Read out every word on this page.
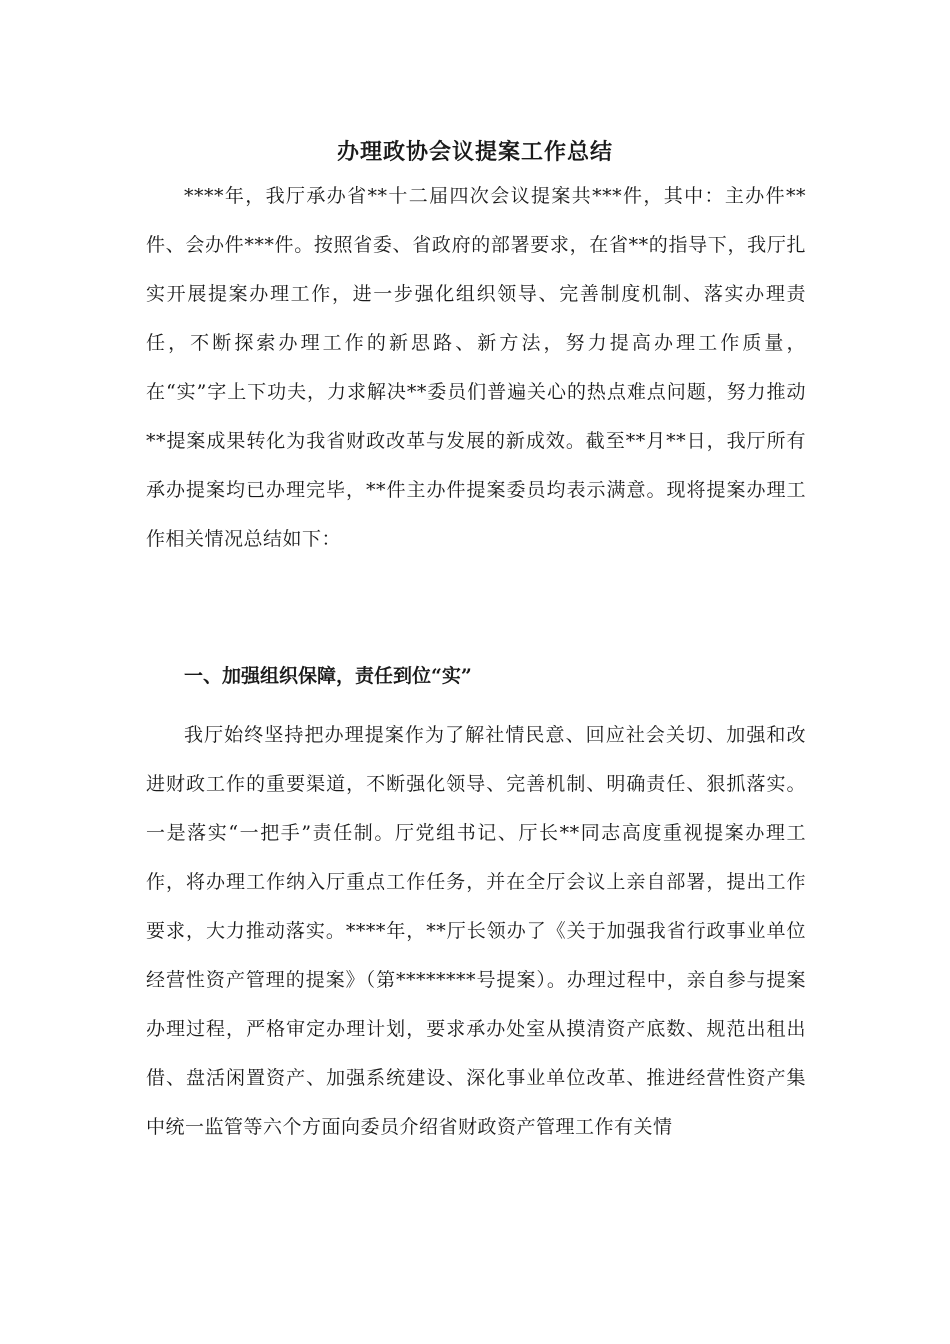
办理政协会议提案工作总结
****年，我厅承办省**十二届四次会议提案共***件，其中：主办件**件、会办件***件。按照省委、省政府的部署要求，在省**的指导下，我厅扎实开展提案办理工作，进一步强化组织领导、完善制度机制、落实办理责任，不断探索办理工作的新思路、新方法，努力提高办理工作质量，在“实”字上下功夫，力求解决**委员们普遍关心的热点难点问题，努力推动**提案成果转化为我省财政改革与发展的新成效。截至**月**日，我厅所有承办提案均已办理完毕，**件主办件提案委员均表示满意。现将提案办理工作相关情况总结如下：
一、加强组织保障，责任到位“实”
我厅始终坚持把办理提案作为了解社情民意、回应社会关切、加强和改进财政工作的重要渠道，不断强化领导、完善机制、明确责任、狠抓落实。一是落实“一把手”责任制。厅党组书记、厅长**同志高度重视提案办理工作，将办理工作纳入厅重点工作任务，并在全厅会议上亲自部署，提出工作要求，大力推动落实。****年，**厅长领办了《关于加强我省行政事业单位经营性资产管理的提案》（第********号提案）。办理过程中，亲自参与提案办理过程，严格审定办理计划，要求承办处室从摸清资产底数、规范出租出借、盘活闲置资产、加强系统建设、深化事业单位改革、推进经营性资产集中统一监管等六个方面向委员介绍省财政资产管理工作有关情
